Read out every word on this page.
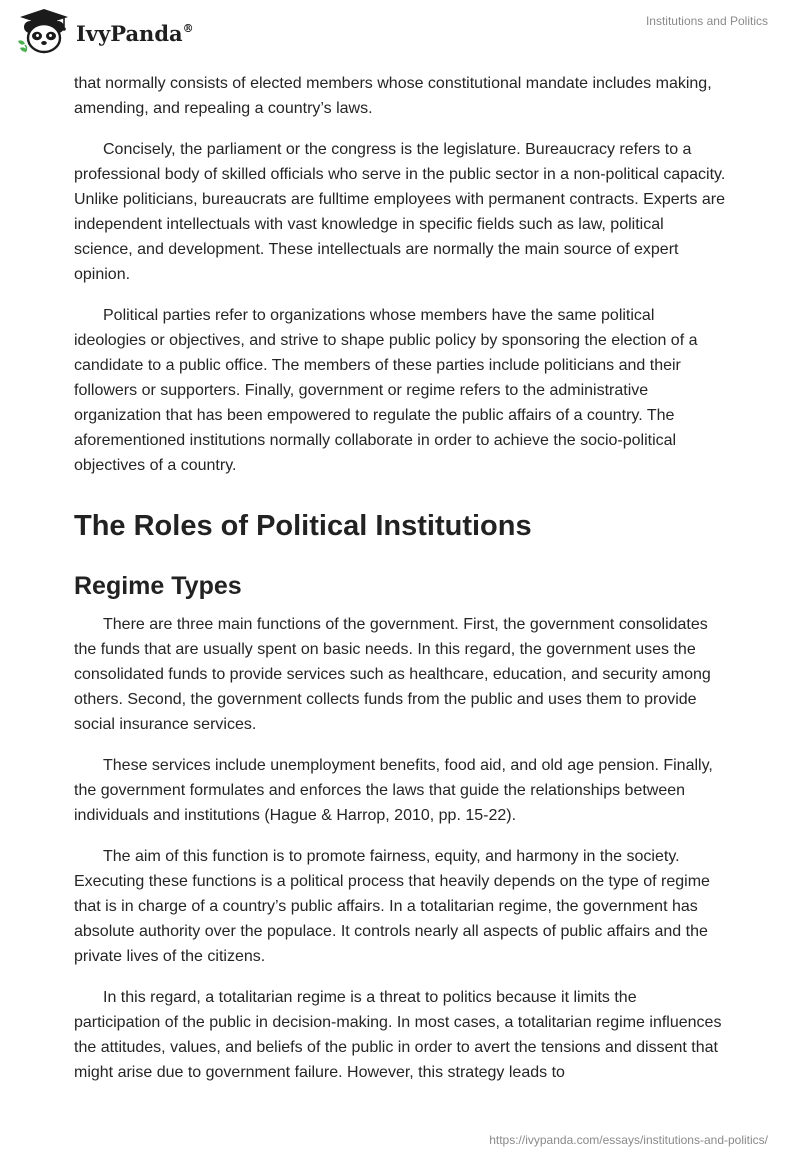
IvyPanda®	Institutions and Politics

that normally consists of elected members whose constitutional mandate includes making, amending, and repealing a country’s laws.

Concisely, the parliament or the congress is the legislature. Bureaucracy refers to a professional body of skilled officials who serve in the public sector in a non-political capacity. Unlike politicians, bureaucrats are fulltime employees with permanent contracts. Experts are independent intellectuals with vast knowledge in specific fields such as law, political science, and development. These intellectuals are normally the main source of expert opinion.

Political parties refer to organizations whose members have the same political ideologies or objectives, and strive to shape public policy by sponsoring the election of a candidate to a public office. The members of these parties include politicians and their followers or supporters. Finally, government or regime refers to the administrative organization that has been empowered to regulate the public affairs of a country. The aforementioned institutions normally collaborate in order to achieve the socio-political objectives of a country.

The Roles of Political Institutions
Regime Types

There are three main functions of the government. First, the government consolidates the funds that are usually spent on basic needs. In this regard, the government uses the consolidated funds to provide services such as healthcare, education, and security among others. Second, the government collects funds from the public and uses them to provide social insurance services.

These services include unemployment benefits, food aid, and old age pension. Finally, the government formulates and enforces the laws that guide the relationships between individuals and institutions (Hague & Harrop, 2010, pp. 15-22).

The aim of this function is to promote fairness, equity, and harmony in the society. Executing these functions is a political process that heavily depends on the type of regime that is in charge of a country’s public affairs. In a totalitarian regime, the government has absolute authority over the populace. It controls nearly all aspects of public affairs and the private lives of the citizens.

In this regard, a totalitarian regime is a threat to politics because it limits the participation of the public in decision-making. In most cases, a totalitarian regime influences the attitudes, values, and beliefs of the public in order to avert the tensions and dissent that might arise due to government failure. However, this strategy leads to

https://ivypanda.com/essays/institutions-and-politics/
